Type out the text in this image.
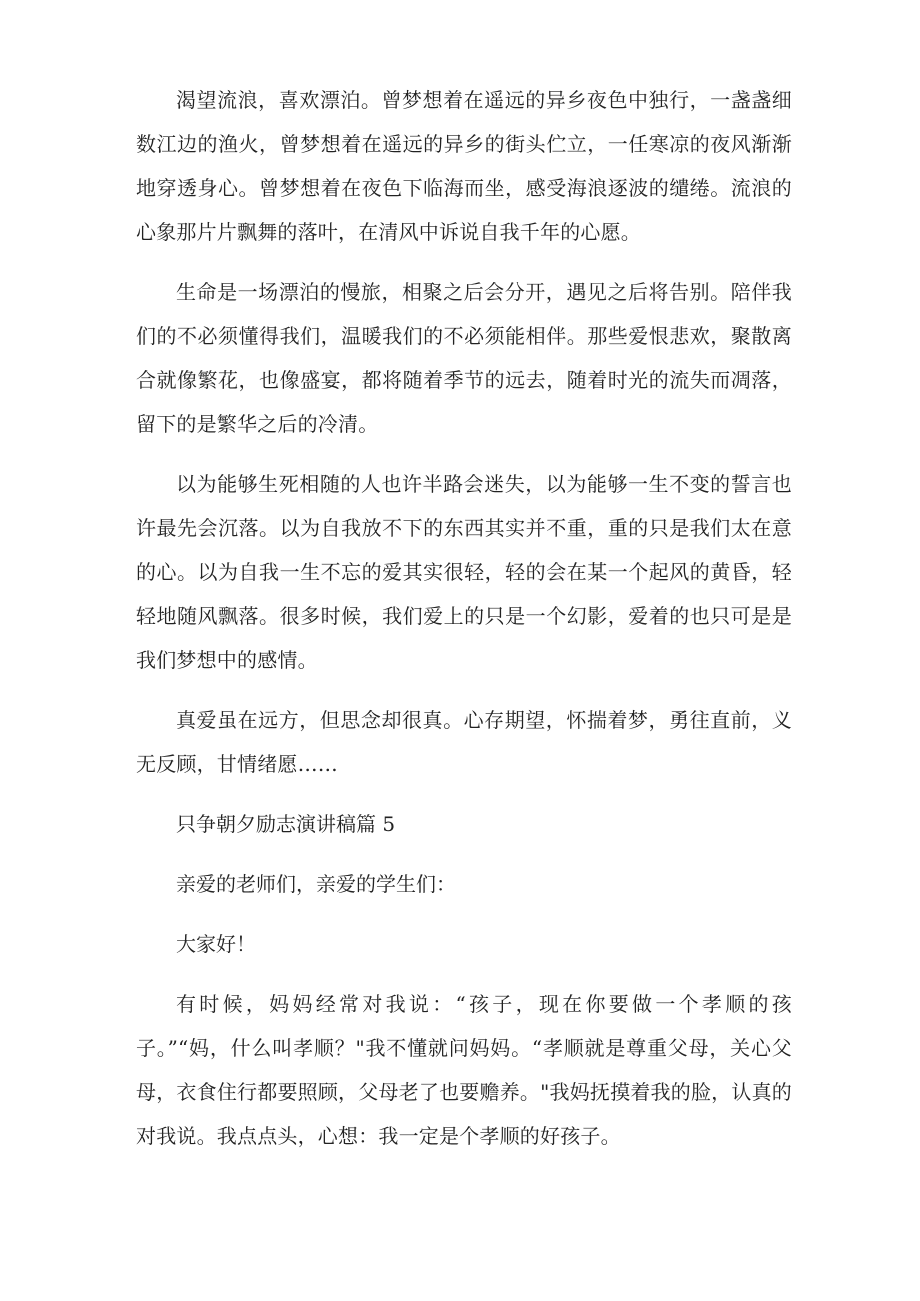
渴望流浪，喜欢漂泊。曾梦想着在遥远的异乡夜色中独行，一盏盏细数江边的渔火，曾梦想着在遥远的异乡的街头伫立，一任寒凉的夜风渐渐地穿透身心。曾梦想着在夜色下临海而坐，感受海浪逐波的缱绻。流浪的心象那片片飘舞的落叶，在清风中诉说自我千年的心愿。

生命是一场漂泊的慢旅，相聚之后会分开，遇见之后将告别。陪伴我们的不必须懂得我们，温暖我们的不必须能相伴。那些爱恨悲欢，聚散离合就像繁花，也像盛宴，都将随着季节的远去，随着时光的流失而凋落，留下的是繁华之后的冷清。

以为能够生死相随的人也许半路会迷失，以为能够一生不变的誓言也许最先会沉落。以为自我放不下的东西其实并不重，重的只是我们太在意的心。以为自我一生不忘的爱其实很轻，轻的会在某一个起风的黄昏，轻轻地随风飘落。很多时候，我们爱上的只是一个幻影，爱着的也只可是是我们梦想中的感情。

真爱虽在远方，但思念却很真。心存期望，怀揣着梦，勇往直前，义无反顾，甘情绪愿……

只争朝夕励志演讲稿篇 5

亲爱的老师们，亲爱的学生们：

大家好！

有时候，妈妈经常对我说：“孩子，现在你要做一个孝顺的孩子。”“妈，什么叫孝顺？"我不懂就问妈妈。“孝顺就是尊重父母，关心父母，衣食住行都要照顾，父母老了也要赡养。"我妈抚摸着我的脸，认真的对我说。我点点头，心想：我一定是个孝顺的好孩子。
